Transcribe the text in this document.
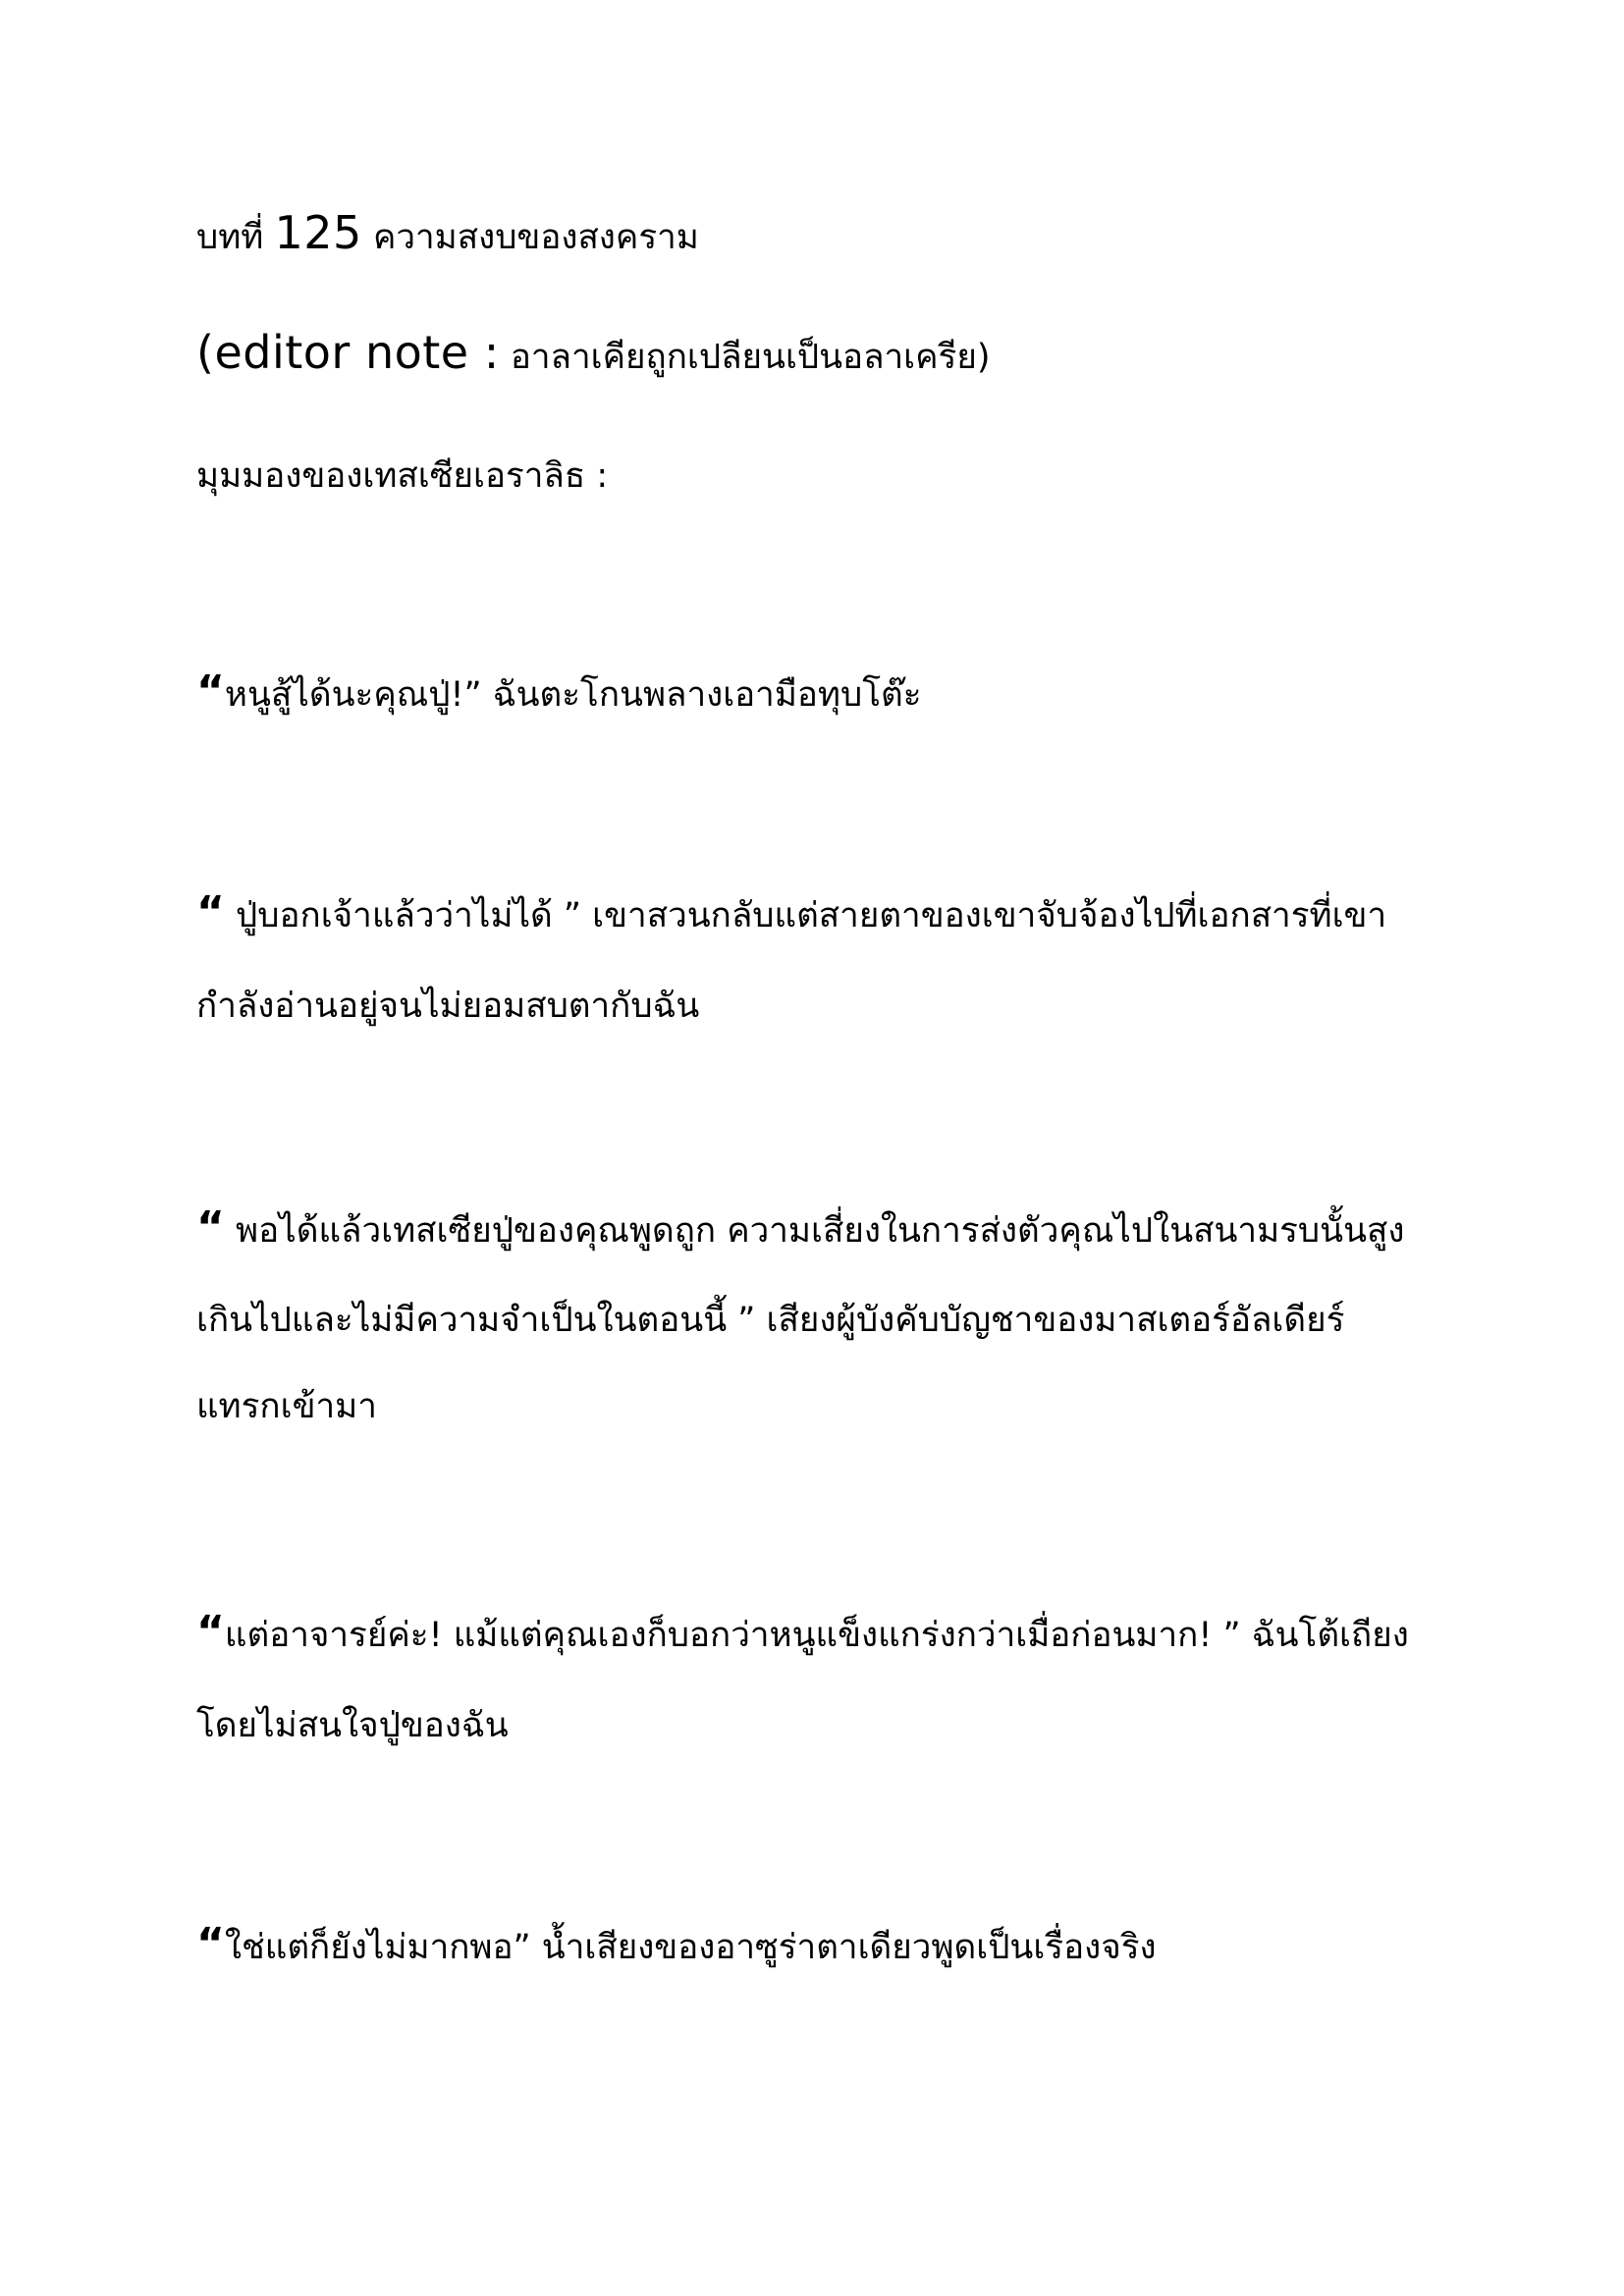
บทที่ 125 ความสงบของสงคราม
(editor note : อาลาเคียถูกเปลียนเป็นอลาเครีย)
มุมมองของเทสเซียเอราลิธ :
“หนูสู้ได้นะคุณปู่!” ฉันตะโกนพลางเอามือทุบโต๊ะ
“ ปู่บอกเจ้าแล้วว่าไม่ได้ ” เขาสวนกลับแต่สายตาของเขาจับจ้องไปที่เอกสารที่เขา
กำลังอ่านอยู่จนไม่ยอมสบตากับฉัน
“ พอได้แล้วเทสเซียปู่ของคุณพูดถูก ความเสี่ยงในการส่งตัวคุณไปในสนามรบนั้นสูง
เกินไปและไม่มีความจำเป็นในตอนนี้ ” เสียงผู้บังคับบัญชาของมาสเตอร์อัลเดียร์
แทรกเข้ามา
“แต่อาจารย์ค่ะ! แม้แต่คุณเองก็บอกว่าหนูแข็งแกร่งกว่าเมื่อก่อนมาก! ” ฉันโต้เถียง
โดยไม่สนใจปู่ของฉัน
“ใช่แต่ก็ยังไม่มากพอ” น้ำเสียงของอาซูร่าตาเดียวพูดเป็นเรื่องจริง
